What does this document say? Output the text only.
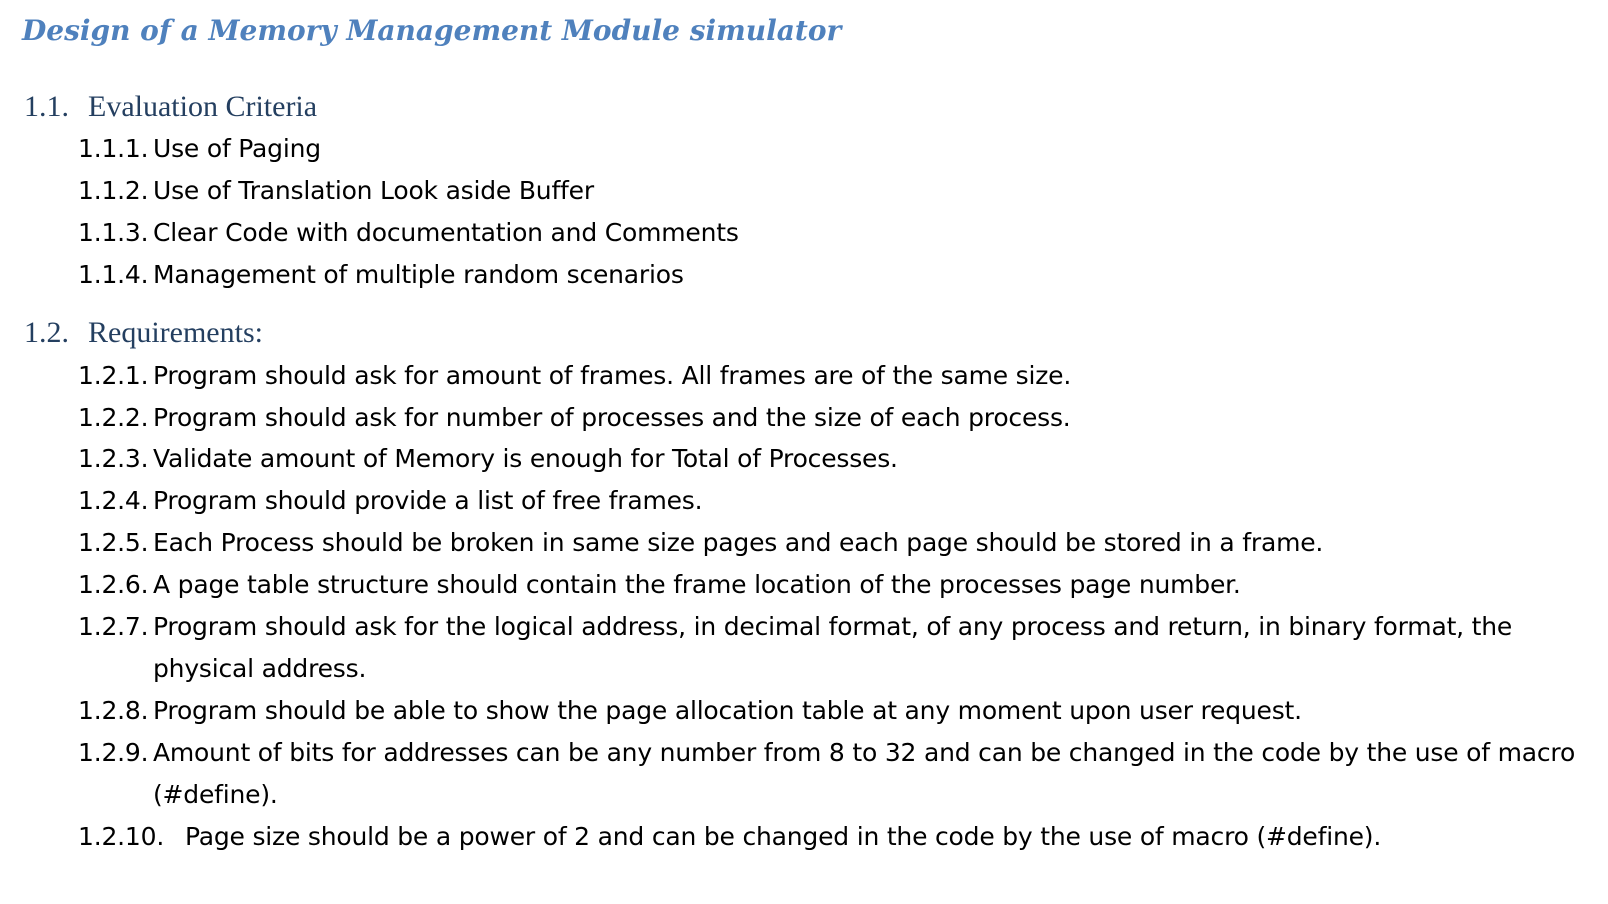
Design of a Memory Management Module simulator
1.1. Evaluation Criteria
1.1.1. Use of Paging
1.1.2. Use of Translation Look aside Buffer
1.1.3. Clear Code with documentation and Comments
1.1.4. Management of multiple random scenarios
1.2. Requirements:
1.2.1. Program should ask for amount of frames. All frames are of the same size.
1.2.2. Program should ask for number of processes and the size of each process.
1.2.3. Validate amount of Memory is enough for Total of Processes.
1.2.4. Program should provide a list of free frames.
1.2.5. Each Process should be broken in same size pages and each page should be stored in a frame.
1.2.6. A page table structure should contain the frame location of the processes page number.
1.2.7. Program should ask for the logical address, in decimal format, of any process and return, in binary format, the
physical address.
1.2.8. Program should be able to show the page allocation table at any moment upon user request.
1.2.9. Amount of bits for addresses can be any number from 8 to 32 and can be changed in the code by the use of macro
(#define).
1.2.10. Page size should be a power of 2 and can be changed in the code by the use of macro (#define).
